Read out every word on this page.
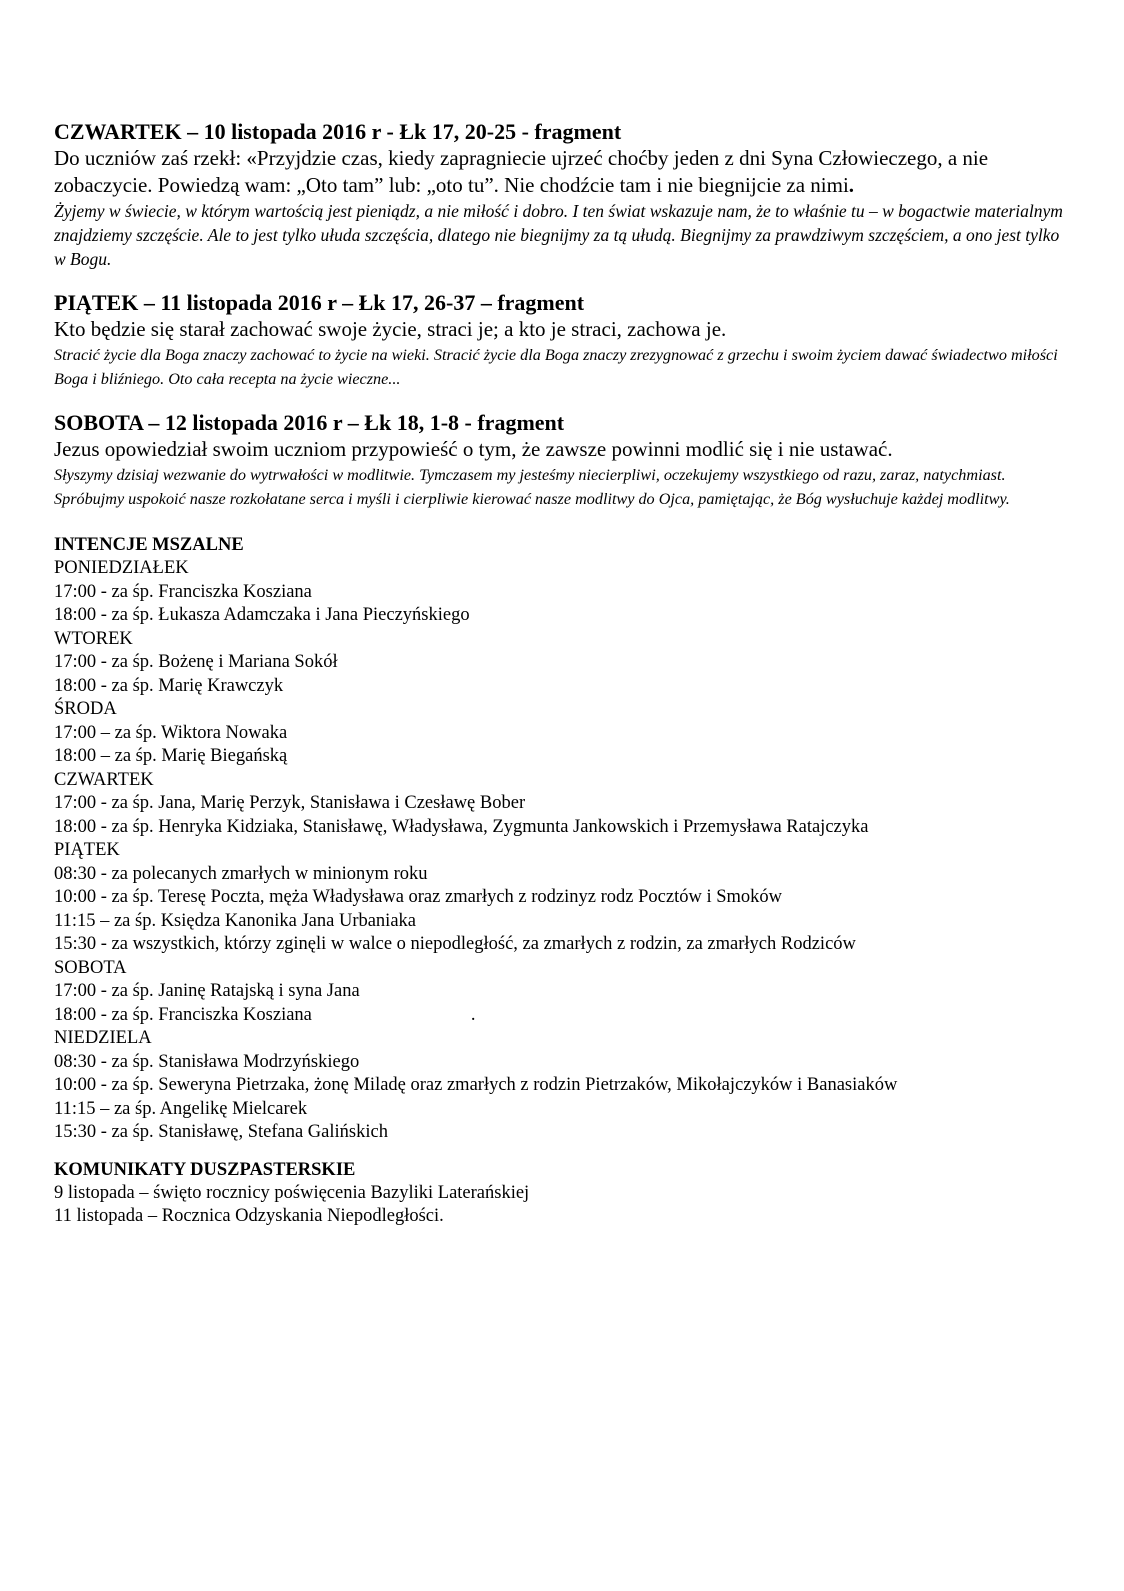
CZWARTEK – 10 listopada 2016 r - Łk 17, 20-25 - fragment
Do uczniów zaś rzekł: «Przyjdzie czas, kiedy zapragniecie ujrzeć choćby jeden z dni Syna Człowieczego, a nie zobaczycie. Powiedzą wam: „Oto tam” lub: „oto tu”. Nie chodźcie tam i nie biegnijcie za nimi.
Żyjemy w świecie, w którym wartością jest pieniądz, a nie miłość i dobro. I ten świat wskazuje nam, że to właśnie tu – w bogactwie materialnym znajdziemy szczęście. Ale to jest tylko ułuda szczęścia, dlatego nie biegnijmy za tą ułudą. Biegnijmy za prawdziwym szczęściem, a ono jest tylko w Bogu.
PIĄTEK – 11 listopada 2016 r – Łk 17, 26-37 – fragment
Kto będzie się starał zachować swoje życie, straci je; a kto je straci, zachowa je.
Stracić życie dla Boga znaczy zachować to życie na wieki. Stracić życie dla Boga znaczy zrezygnować z grzechu i swoim życiem dawać świadectwo miłości Boga i bliźniego. Oto cała recepta na życie wieczne...
SOBOTA – 12 listopada 2016 r – Łk 18, 1-8 - fragment
Jezus opowiedział swoim uczniom przypowieść o tym, że zawsze powinni modlić się i nie ustawać.
Słyszymy dzisiaj wezwanie do wytrwałości w modlitwie. Tymczasem my jesteśmy niecierpliwi, oczekujemy wszystkiego od razu, zaraz, natychmiast. Spróbujmy uspokoić nasze rozkołatane serca i myśli i cierpliwie kierować nasze modlitwy do Ojca, pamiętając, że Bóg wysłuchuje każdej modlitwy.
INTENCJE MSZALNE
PONIEDZIAŁEK
17:00 - za śp. Franciszka Kosziana
18:00 - za śp. Łukasza Adamczaka i Jana Pieczyńskiego
WTOREK
17:00 - za śp. Bożenę i Mariana Sokół
18:00 - za śp. Marię Krawczyk
ŚRODA
17:00 – za śp. Wiktora Nowaka
18:00 – za śp. Marię Biegańską
CZWARTEK
17:00 - za śp. Jana, Marię Perzyk, Stanisława i Czesławę Bober
18:00 - za śp. Henryka Kidziaka, Stanisławę, Władysława, Zygmunta Jankowskich i Przemysława Ratajczyka
PIĄTEK
08:30 - za polecanych zmarłych w minionym roku
10:00 ‑ za śp. Teresę Poczta, męża Władysława oraz zmarłych z rodzinyz rodz Pocztów i Smoków
11:15 – za śp. Księdza Kanonika Jana Urbaniaka
15:30 - za wszystkich, którzy zginęli w walce o niepodległość, za zmarłych z rodzin, za zmarłych Rodziców
SOBOTA
17:00 - za śp. Janinę Ratajską i syna Jana
18:00 - za śp. Franciszka Kosziana	.
NIEDZIELA
08:30 - za śp. Stanisława Modrzyńskiego
10:00 ‑ za śp. Seweryna Pietrzaka, żonę Miladę oraz zmarłych z rodzin Pietrzaków, Mikołajczyków i Banasiaków
11:15 – za śp. Angelikę Mielcarek
15:30 - za śp. Stanisławę, Stefana Galińskich
KOMUNIKATY DUSZPASTERSKIE
9 listopada – święto rocznicy poświęcenia Bazyliki Laterańskiej
11 listopada – Rocznica Odzyskania Niepodległości.
